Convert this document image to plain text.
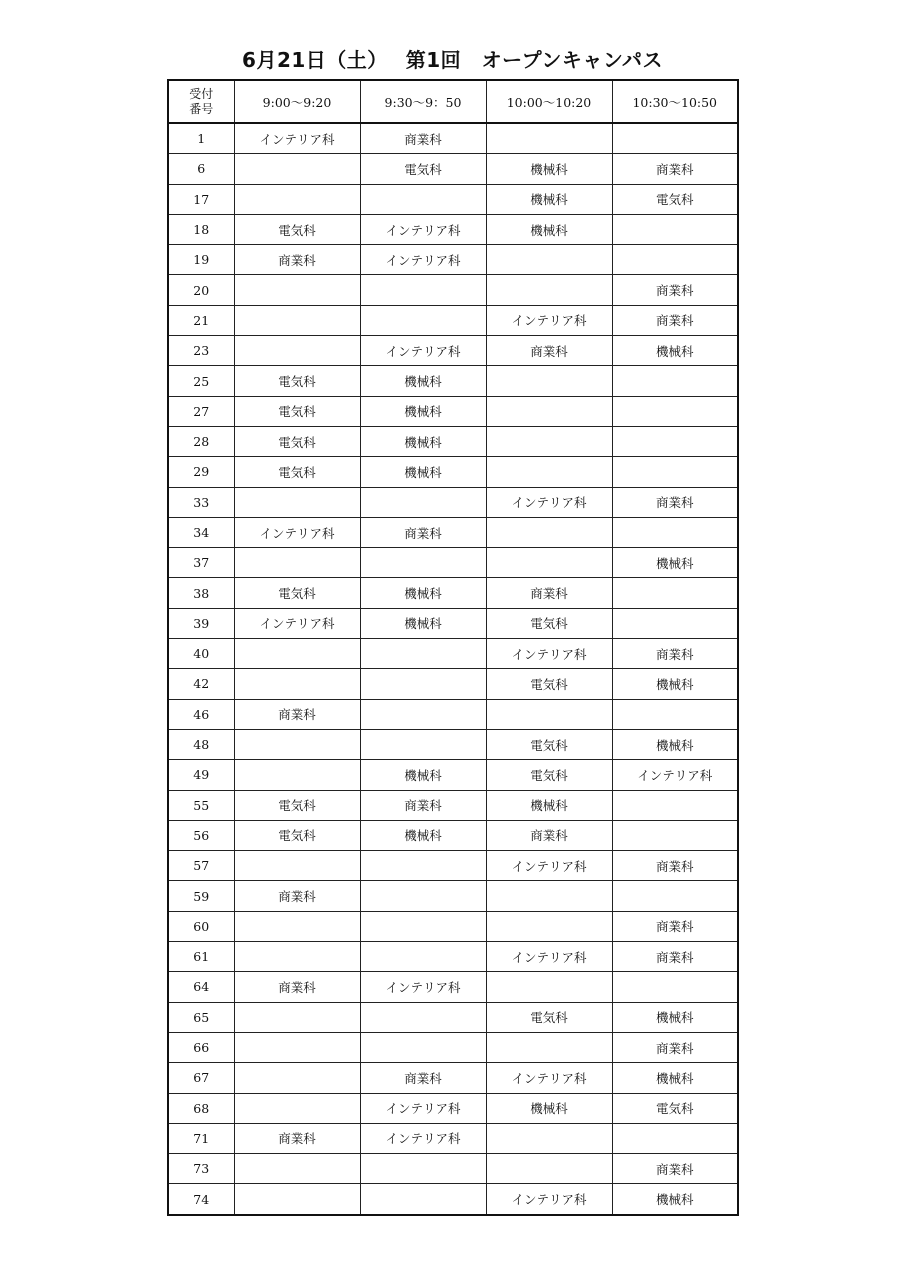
6月21日（土）　 第1回　オープンキャンパス
受付
番号	9:00～9:20	9:30～9：50	10:00～10:20	10:30～10:50
1	インテリア科	商業科		
6		電気科	機械科	商業科
17			機械科	電気科
18	電気科	インテリア科	機械科	
19	商業科	インテリア科		
20				商業科
21			インテリア科	商業科
23		インテリア科	商業科	機械科
25	電気科	機械科		
27	電気科	機械科		
28	電気科	機械科		
29	電気科	機械科		
33			インテリア科	商業科
34	インテリア科	商業科		
37				機械科
38	電気科	機械科	商業科	
39	インテリア科	機械科	電気科	
40			インテリア科	商業科
42			電気科	機械科
46	商業科			
48			電気科	機械科
49		機械科	電気科	インテリア科
55	電気科	商業科	機械科	
56	電気科	機械科	商業科	
57			インテリア科	商業科
59	商業科			
60				商業科
61			インテリア科	商業科
64	商業科	インテリア科		
65			電気科	機械科
66				商業科
67		商業科	インテリア科	機械科
68		インテリア科	機械科	電気科
71	商業科	インテリア科		
73				商業科
74			インテリア科	機械科
